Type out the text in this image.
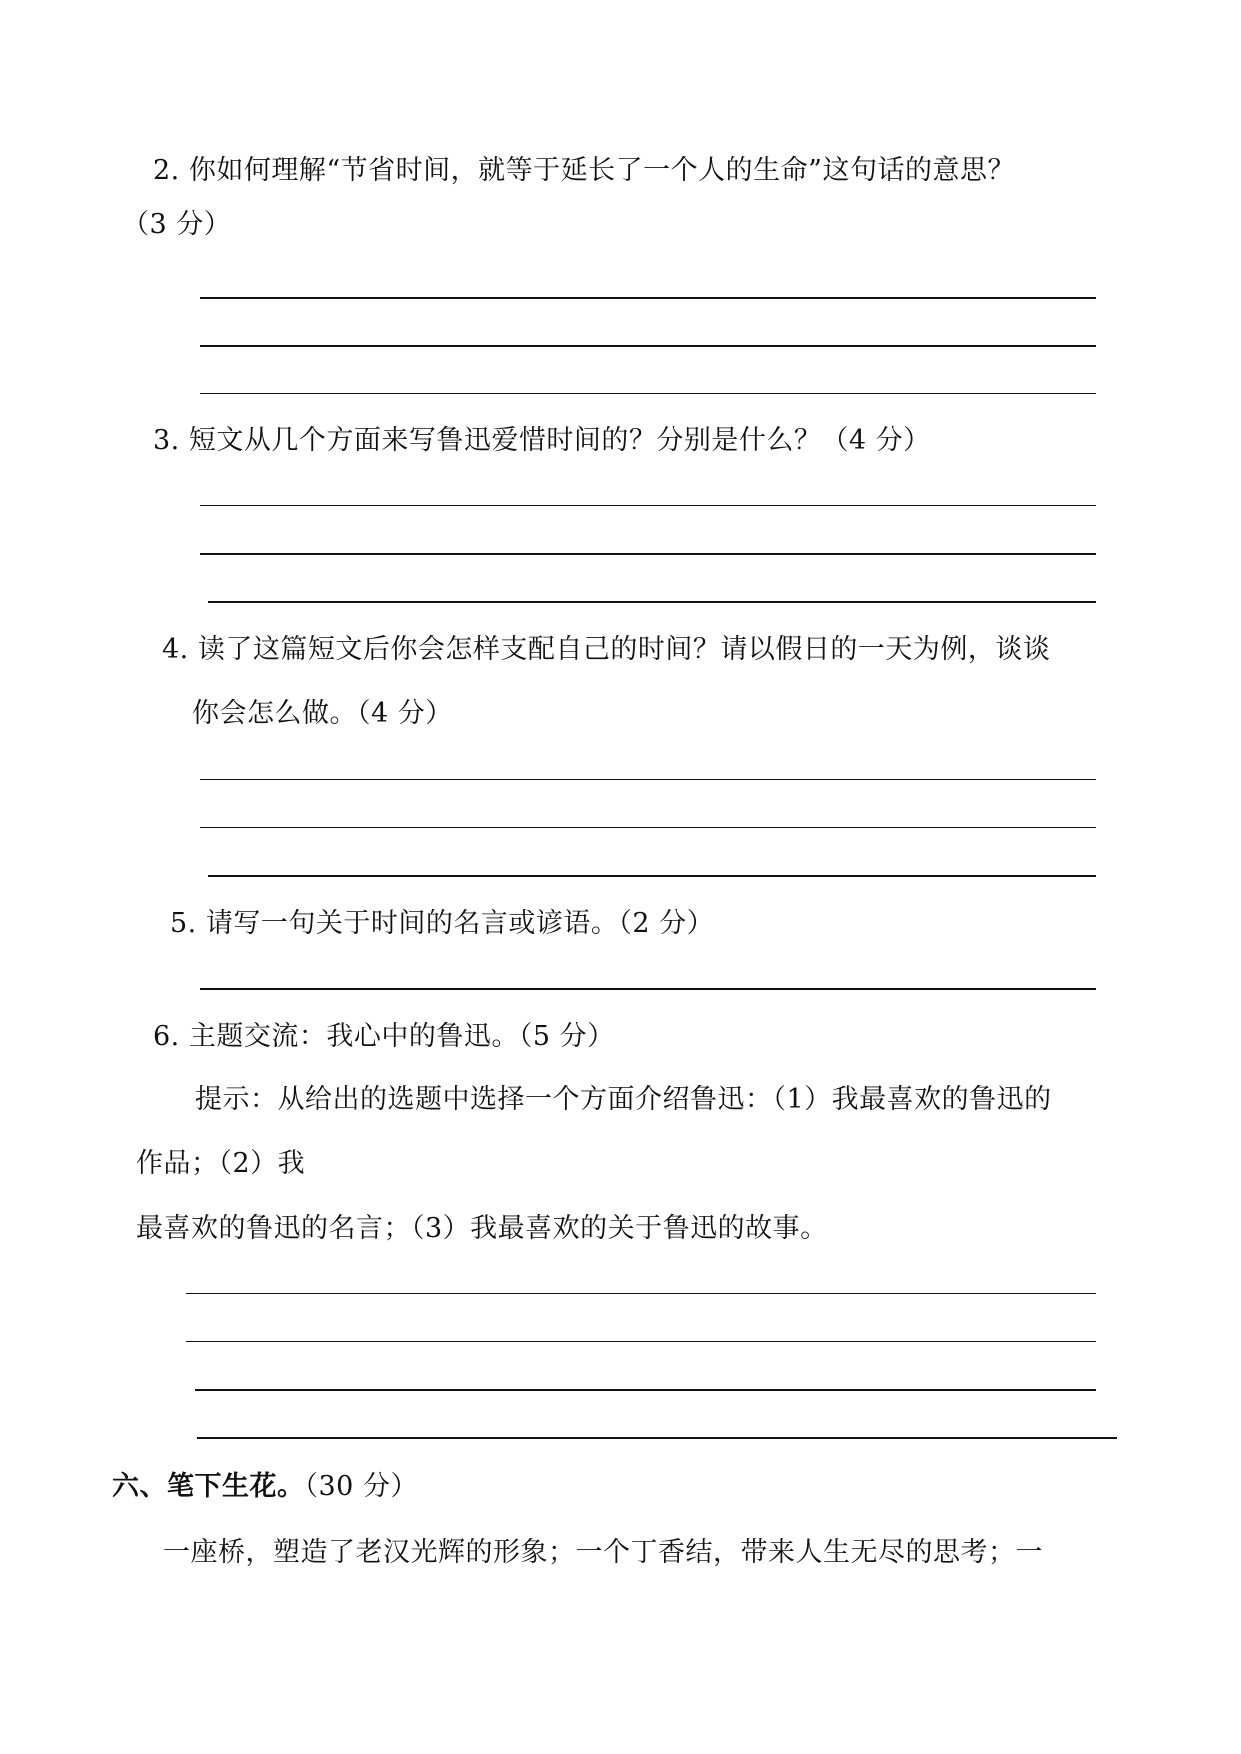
2. 你如何理解“节省时间，就等于延长了一个人的生命”这句话的意思？
（3 分）
3. 短文从几个方面来写鲁迅爱惜时间的？分别是什么？（4 分）
4. 读了这篇短文后你会怎样支配自己的时间？请以假日的一天为例，谈谈
你会怎么做。（4 分）
5. 请写一句关于时间的名言或谚语。（2 分）
6. 主题交流：我心中的鲁迅。（5 分）
提示：从给出的选题中选择一个方面介绍鲁迅：（1）我最喜欢的鲁迅的
作品；（2）我
最喜欢的鲁迅的名言；（3）我最喜欢的关于鲁迅的故事。
六、笔下生花。（30 分）
一座桥，塑造了老汉光辉的形象；一个丁香结，带来人生无尽的思考；一
